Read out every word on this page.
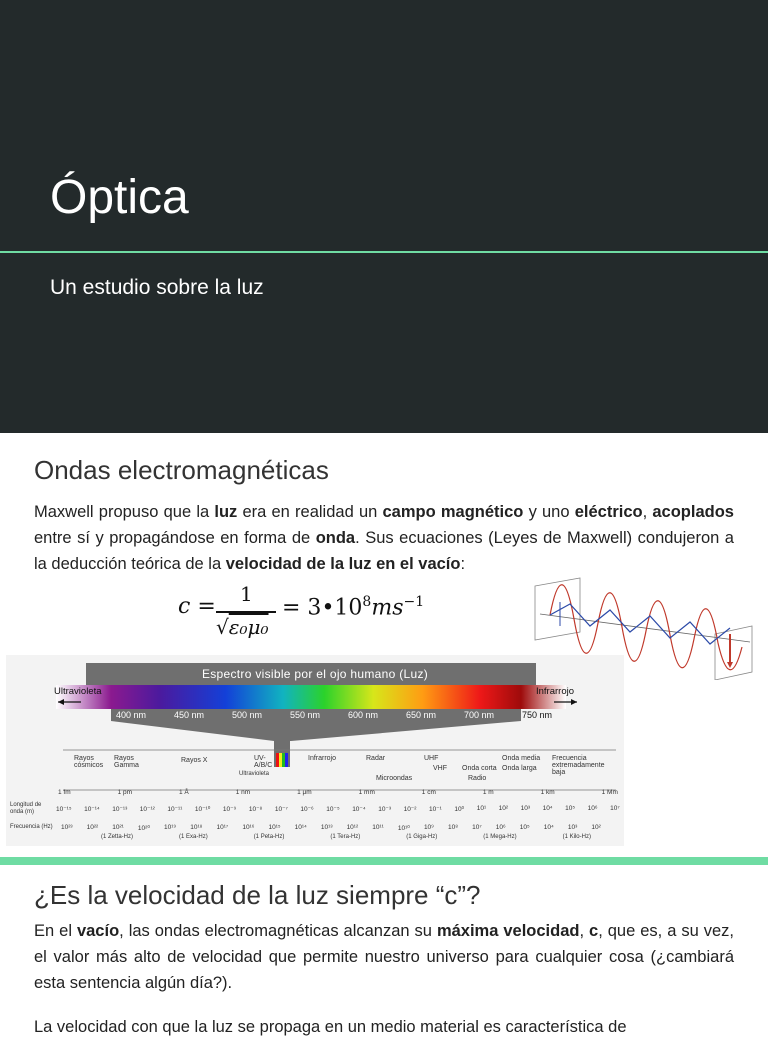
Óptica
Un estudio sobre la luz
Ondas electromagnéticas

Maxwell propuso que la luz era en realidad un campo magnético y uno eléctrico, acoplados entre sí y propagándose en forma de onda. Sus ecuaciones (Leyes de Maxwell) condujeron a la deducción teórica de la velocidad de la luz en el vacío:

c = 1
√ε₀μ₀
= $3•10^8ms^{-1}$
Espectro visible por el ojo humano (Luz)
Ultravioleta	Infrarrojo
400 nm	450 nm	500 nm	550 nm	600 nm	650 nm	700 nm	750 nm
Rayos cósmicos
Rayos Gamma
Rayos X	UV-A/B/C
Ultravioleta
Infrarrojo	Radar	UHF
VHF Onda corta
Onda media
Onda larga
Frecuencia extremadamente baja
Microondas	Radio
1 fm	1 pm	1 Å	1 nm	1 μm	1 mm	1 cm	1 m	1 km	1 Mm
Longitud de onda (m)
Frecuencia (Hz)
10⁻¹⁵ 10⁻¹⁴ 10⁻¹³ 10⁻¹² 10⁻¹¹ 10⁻¹⁰ 10⁻⁹ 10⁻⁸ 10⁻⁷ 10⁻⁶ 10⁻⁵ 10⁻⁴ 10⁻³ 10⁻² 10⁻¹ 10⁰ 10¹ 10² 10³ 10⁴ 10⁵ 10⁶ 10⁷
10²³ 10²² 10²¹ 10²⁰ 10¹⁹ 10¹⁸ 10¹⁷ 10¹⁶ 10¹⁵ 10¹⁴ 10¹³ 10¹² 10¹¹ 10¹⁰ 10⁹ 10⁸ 10⁷ 10⁶ 10⁵ 10⁴ 10³ 10²
(1 Zetta-Hz)	(1 Exa-Hz)	(1 Peta-Hz)	(1 Tera-Hz)	(1 Giga-Hz)	(1 Mega-Hz)	(1 Kilo-Hz)
¿Es la velocidad de la luz siempre “c”?

En el vacío, las ondas electromagnéticas alcanzan su máxima velocidad, c, que es, a su vez, el valor más alto de velocidad que permite nuestro universo para cualquier cosa (¿cambiará esta sentencia algún día?).

La velocidad con que la luz se propaga en un medio material es característica de
